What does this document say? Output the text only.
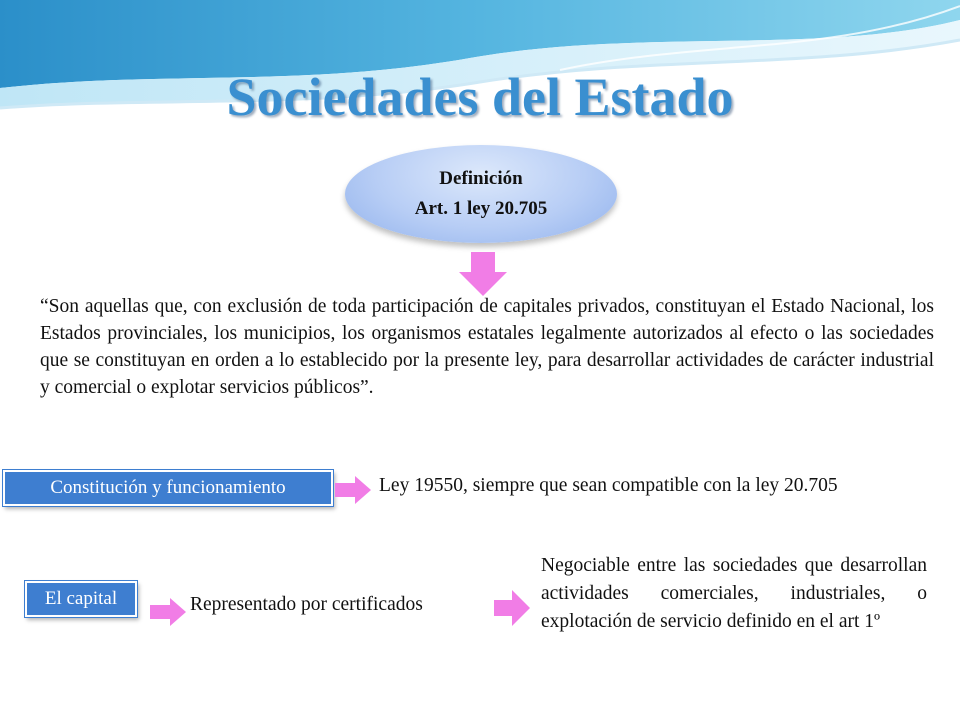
Sociedades del Estado
Definición
Art. 1 ley 20.705
“Son aquellas que, con exclusión de toda participación de capitales privados, constituyan el Estado Nacional, los Estados provinciales, los municipios, los organismos estatales legalmente autorizados al efecto o las sociedades que se constituyan en orden a lo establecido por la presente ley, para desarrollar actividades de carácter industrial y comercial o explotar servicios públicos”.
Constitución y funcionamiento	Ley 19550, siempre que sean compatible con la ley 20.705
El capital	Representado por certificados
Negociable entre las sociedades que desarrollan actividades comerciales, industriales, o explotación de servicio definido en el art 1º
